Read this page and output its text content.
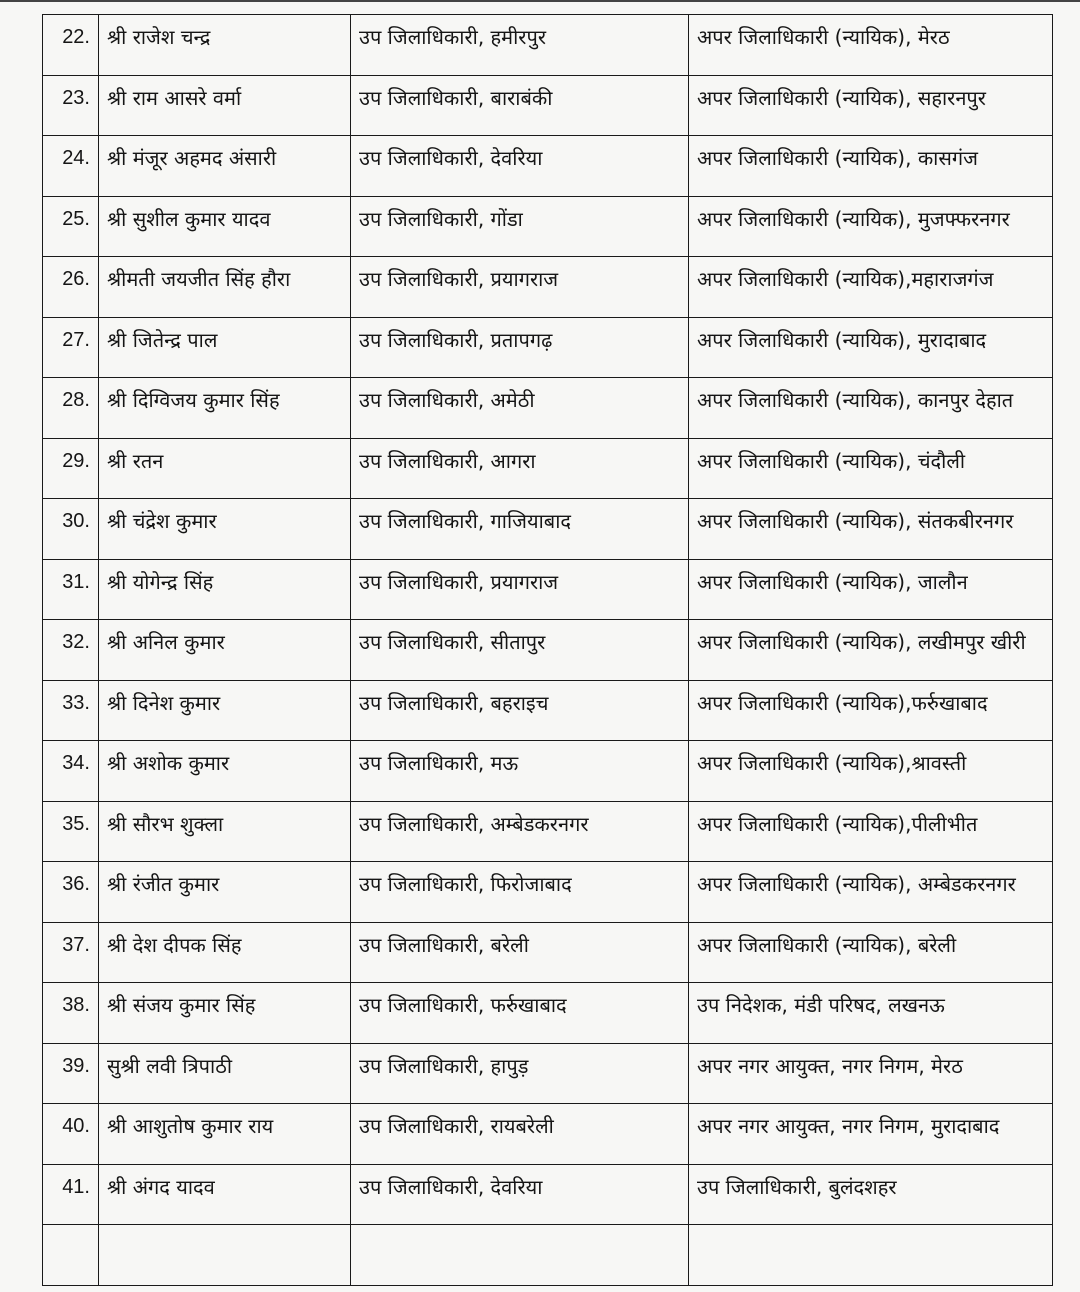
22.	श्री राजेश चन्द्र	उप जिलाधिकारी, हमीरपुर	अपर जिलाधिकारी (न्यायिक), मेरठ
23.	श्री राम आसरे वर्मा	उप जिलाधिकारी, बाराबंकी	अपर जिलाधिकारी (न्यायिक), सहारनपुर
24.	श्री मंजूर अहमद अंसारी	उप जिलाधिकारी, देवरिया	अपर जिलाधिकारी (न्यायिक), कासगंज
25.	श्री सुशील कुमार यादव	उप जिलाधिकारी, गोंडा	अपर जिलाधिकारी (न्यायिक), मुजफ्फरनगर
26.	श्रीमती जयजीत सिंह हौरा	उप जिलाधिकारी, प्रयागराज	अपर जिलाधिकारी (न्यायिक),महाराजगंज
27.	श्री जितेन्द्र पाल	उप जिलाधिकारी, प्रतापगढ़	अपर जिलाधिकारी (न्यायिक), मुरादाबाद
28.	श्री दिग्विजय कुमार सिंह	उप जिलाधिकारी, अमेठी	अपर जिलाधिकारी (न्यायिक), कानपुर देहात
29.	श्री रतन	उप जिलाधिकारी, आगरा	अपर जिलाधिकारी (न्यायिक), चंदौली
30.	श्री चंद्रेश कुमार	उप जिलाधिकारी, गाजियाबाद	अपर जिलाधिकारी (न्यायिक), संतकबीरनगर
31.	श्री योगेन्द्र सिंह	उप जिलाधिकारी, प्रयागराज	अपर जिलाधिकारी (न्यायिक), जालौन
32.	श्री अनिल कुमार	उप जिलाधिकारी, सीतापुर	अपर जिलाधिकारी (न्यायिक), लखीमपुर खीरी
33.	श्री दिनेश कुमार	उप जिलाधिकारी, बहराइच	अपर जिलाधिकारी (न्यायिक),फर्रुखाबाद
34.	श्री अशोक कुमार	उप जिलाधिकारी, मऊ	अपर जिलाधिकारी (न्यायिक),श्रावस्ती
35.	श्री सौरभ शुक्ला	उप जिलाधिकारी, अम्बेडकरनगर	अपर जिलाधिकारी (न्यायिक),पीलीभीत
36.	श्री रंजीत कुमार	उप जिलाधिकारी, फिरोजाबाद	अपर जिलाधिकारी (न्यायिक), अम्बेडकरनगर
37.	श्री देश दीपक सिंह	उप जिलाधिकारी, बरेली	अपर जिलाधिकारी (न्यायिक), बरेली
38.	श्री संजय कुमार सिंह	उप जिलाधिकारी, फर्रुखाबाद	उप निदेशक, मंडी परिषद, लखनऊ
39.	सुश्री लवी त्रिपाठी	उप जिलाधिकारी, हापुड़	अपर नगर आयुक्त, नगर निगम, मेरठ
40.	श्री आशुतोष कुमार राय	उप जिलाधिकारी, रायबरेली	अपर नगर आयुक्त, नगर निगम, मुरादाबाद
41.	श्री अंगद यादव	उप जिलाधिकारी, देवरिया	उप जिलाधिकारी, बुलंदशहर
